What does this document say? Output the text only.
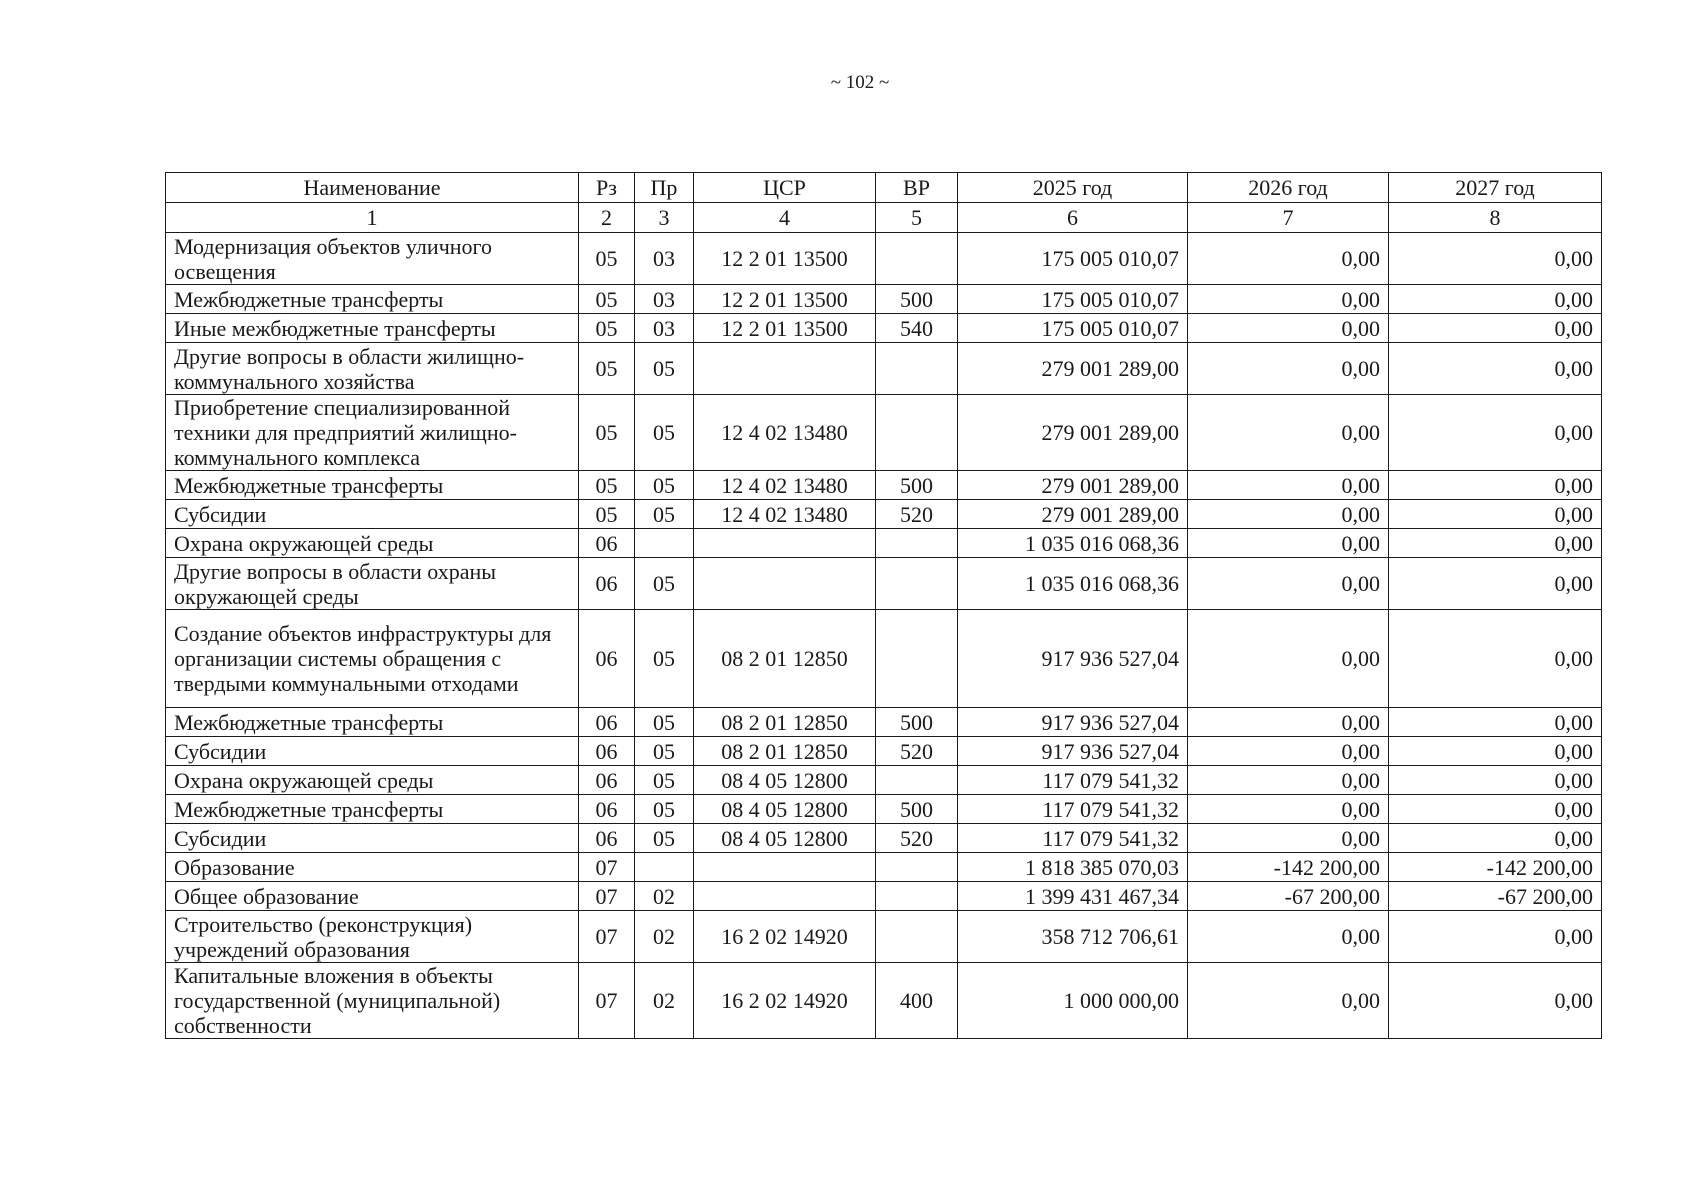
~ 102 ~
Наименование	Рз	Пр	ЦСР	ВР	2025 год	2026 год	2027 год
1	2	3	4	5	6	7	8
Модернизация объектов уличного освещения	05	03	12 2 01 13500		175 005 010,07	0,00	0,00
Межбюджетные трансферты	05	03	12 2 01 13500	500	175 005 010,07	0,00	0,00
Иные межбюджетные трансферты	05	03	12 2 01 13500	540	175 005 010,07	0,00	0,00
Другие вопросы в области жилищно-коммунального хозяйства	05	05			279 001 289,00	0,00	0,00
Приобретение специализированной техники для предприятий жилищно-коммунального комплекса	05	05	12 4 02 13480		279 001 289,00	0,00	0,00
Межбюджетные трансферты	05	05	12 4 02 13480	500	279 001 289,00	0,00	0,00
Субсидии	05	05	12 4 02 13480	520	279 001 289,00	0,00	0,00
Охрана окружающей среды	06				1 035 016 068,36	0,00	0,00
Другие вопросы в области охраны окружающей среды	06	05			1 035 016 068,36	0,00	0,00
Создание объектов инфраструктуры для организации системы обращения с твердыми коммунальными отходами	06	05	08 2 01 12850		917 936 527,04	0,00	0,00
Межбюджетные трансферты	06	05	08 2 01 12850	500	917 936 527,04	0,00	0,00
Субсидии	06	05	08 2 01 12850	520	917 936 527,04	0,00	0,00
Охрана окружающей среды	06	05	08 4 05 12800		117 079 541,32	0,00	0,00
Межбюджетные трансферты	06	05	08 4 05 12800	500	117 079 541,32	0,00	0,00
Субсидии	06	05	08 4 05 12800	520	117 079 541,32	0,00	0,00
Образование	07				1 818 385 070,03	-142 200,00	-142 200,00
Общее образование	07	02			1 399 431 467,34	-67 200,00	-67 200,00
Строительство (реконструкция) учреждений образования	07	02	16 2 02 14920		358 712 706,61	0,00	0,00
Капитальные вложения в объекты государственной (муниципальной) собственности	07	02	16 2 02 14920	400	1 000 000,00	0,00	0,00
